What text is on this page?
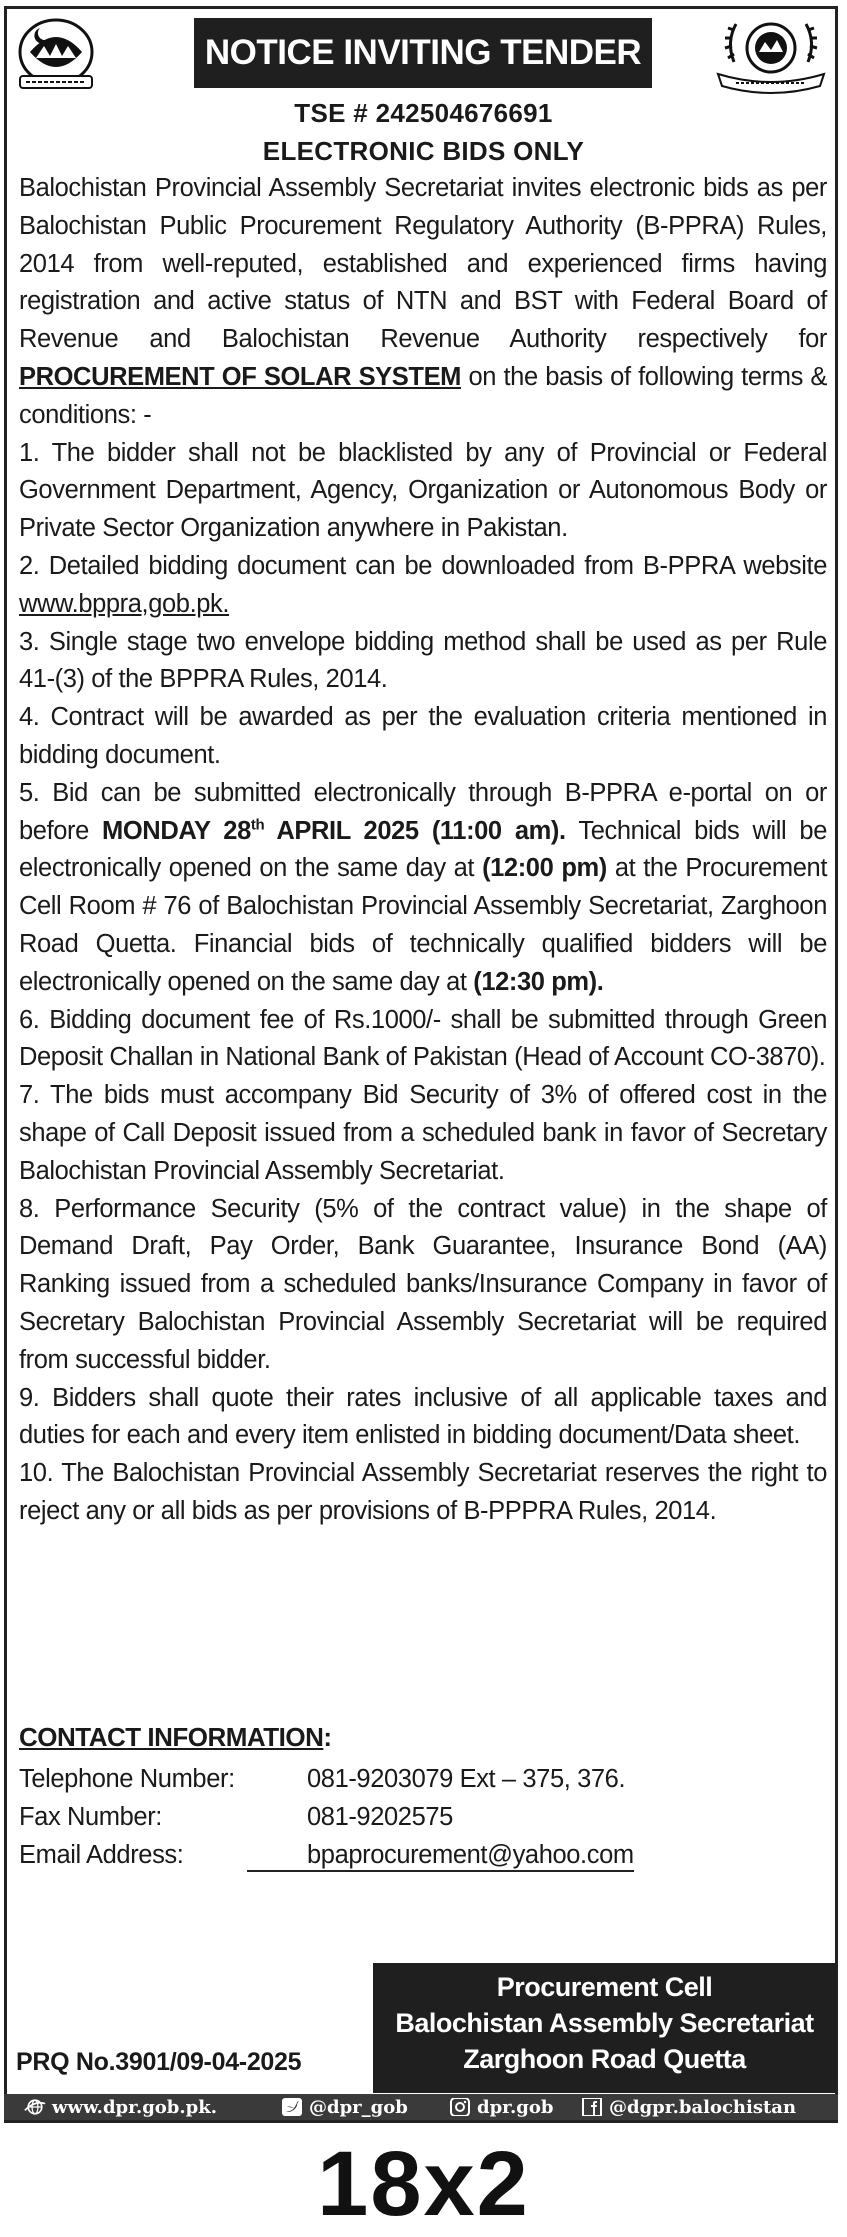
NOTICE INVITING TENDER
TSE # 242504676691
ELECTRONIC BIDS ONLY

Balochistan Provincial Assembly Secretariat invites electronic bids as per Balochistan Public Procurement Regulatory Authority (B-PPRA) Rules, 2014 from well-reputed, established and experienced firms having registration and active status of NTN and BST with Federal Board of Revenue and Balochistan Revenue Authority respectively for PROCUREMENT OF SOLAR SYSTEM on the basis of following terms & conditions: -

1. The bidder shall not be blacklisted by any of Provincial or Federal Government Department, Agency, Organization or Autonomous Body or Private Sector Organization anywhere in Pakistan.

2. Detailed bidding document can be downloaded from B-PPRA website www.bppra,gob.pk.

3. Single stage two envelope bidding method shall be used as per Rule 41-(3) of the BPPRA Rules, 2014.

4. Contract will be awarded as per the evaluation criteria mentioned in bidding document.

5. Bid can be submitted electronically through B-PPRA e-portal on or before MONDAY 28th APRIL 2025 (11:00 am). Technical bids will be electronically opened on the same day at (12:00 pm) at the Procurement Cell Room # 76 of Balochistan Provincial Assembly Secretariat, Zarghoon Road Quetta. Financial bids of technically qualified bidders will be electronically opened on the same day at (12:30 pm).

6. Bidding document fee of Rs.1000/- shall be submitted through Green Deposit Challan in National Bank of Pakistan (Head of Account CO-3870).

7. The bids must accompany Bid Security of 3% of offered cost in the shape of Call Deposit issued from a scheduled bank in favor of Secretary Balochistan Provincial Assembly Secretariat.

8. Performance Security (5% of the contract value) in the shape of Demand Draft, Pay Order, Bank Guarantee, Insurance Bond (AA) Ranking issued from a scheduled banks/Insurance Company in favor of Secretary Balochistan Provincial Assembly Secretariat will be required from successful bidder.

9. Bidders shall quote their rates inclusive of all applicable taxes and duties for each and every item enlisted in bidding document/Data sheet.

10. The Balochistan Provincial Assembly Secretariat reserves the right to reject any or all bids as per provisions of B-PPPRA Rules, 2014.

CONTACT INFORMATION:
Telephone Number:	081-9203079 Ext – 375, 376.
Fax Number:	081-9202575
Email Address:	bpaprocurement@yahoo.com
Procurement Cell
Balochistan Assembly Secretariat
Zarghoon Road Quetta
PRQ No.3901/09-04-2025
www.dpr.gob.pk.	@dpr_gob	dpr.gob	@dgpr.balochistan
18x2
